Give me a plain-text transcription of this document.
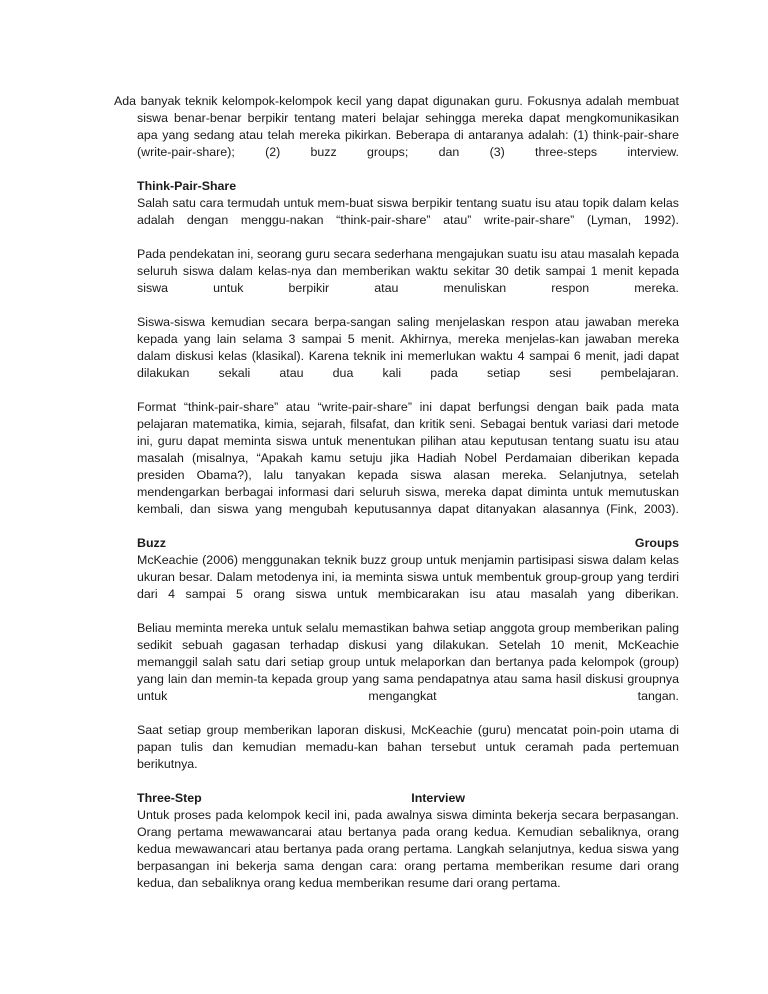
Ada banyak teknik kelompok-kelompok kecil yang dapat digunakan guru. Fokusnya adalah membuat siswa benar-benar berpikir tentang materi belajar sehingga mereka dapat mengkomunikasikan apa yang sedang atau telah mereka pikirkan. Beberapa di antaranya adalah: (1) think-pair-share (write-pair-share); (2) buzz groups; dan (3) three-steps interview.

Think-Pair-Share

Salah satu cara termudah untuk mem-buat siswa berpikir tentang suatu isu atau topik dalam kelas adalah dengan menggu-nakan “think-pair-share” atau” write-pair-share” (Lyman, 1992).

Pada pendekatan ini, seorang guru secara sederhana mengajukan suatu isu atau masalah kepada seluruh siswa dalam kelas-nya dan memberikan waktu sekitar 30 detik sampai 1 menit kepada siswa untuk berpikir atau menuliskan respon mereka.

Siswa-siswa kemudian secara berpa-sangan saling menjelaskan respon atau jawaban mereka kepada yang lain selama 3 sampai 5 menit. Akhirnya, mereka menjelas-kan jawaban mereka dalam diskusi kelas (klasikal). Karena teknik ini memerlukan waktu 4 sampai 6 menit, jadi dapat dilakukan sekali atau dua kali pada setiap sesi pembelajaran.

Format “think-pair-share” atau “write-pair-share” ini dapat berfungsi dengan baik pada mata pelajaran matematika, kimia, sejarah, filsafat, dan kritik seni. Sebagai bentuk variasi dari metode ini, guru dapat meminta siswa untuk menentukan pilihan atau keputusan tentang suatu isu atau masalah (misalnya, “Apakah kamu setuju jika Hadiah Nobel Perdamaian diberikan kepada presiden Obama?), lalu tanyakan kepada siswa alasan mereka. Selanjutnya, setelah mendengarkan berbagai informasi dari seluruh siswa, mereka dapat diminta untuk memutuskan kembali, dan siswa yang mengubah keputusannya dapat ditanyakan alasannya (Fink, 2003).

Buzz Groups

McKeachie (2006) menggunakan teknik buzz group untuk menjamin partisipasi siswa dalam kelas ukuran besar. Dalam metodenya ini, ia meminta siswa untuk membentuk group-group yang terdiri dari 4 sampai 5 orang siswa untuk membicarakan isu atau masalah yang diberikan.

Beliau meminta mereka untuk selalu memastikan bahwa setiap anggota group memberikan paling sedikit sebuah gagasan terhadap diskusi yang dilakukan. Setelah 10 menit, McKeachie memanggil salah satu dari setiap group untuk melaporkan dan bertanya pada kelompok (group) yang lain dan memin-ta kepada group yang sama pendapatnya atau sama hasil diskusi groupnya untuk mengangkat tangan.

Saat setiap group memberikan laporan diskusi, McKeachie (guru) mencatat poin-poin utama di papan tulis dan kemudian memadu-kan bahan tersebut untuk ceramah pada pertemuan berikutnya.

Three-Step Interview

Untuk proses pada kelompok kecil ini, pada awalnya siswa diminta bekerja secara berpasangan. Orang pertama mewawancarai atau bertanya pada orang kedua. Kemudian sebaliknya, orang kedua mewawancari atau bertanya pada orang pertama. Langkah selanjutnya, kedua siswa yang berpasangan ini bekerja sama dengan cara: orang pertama memberikan resume dari orang kedua, dan sebaliknya orang kedua memberikan resume dari orang pertama.
